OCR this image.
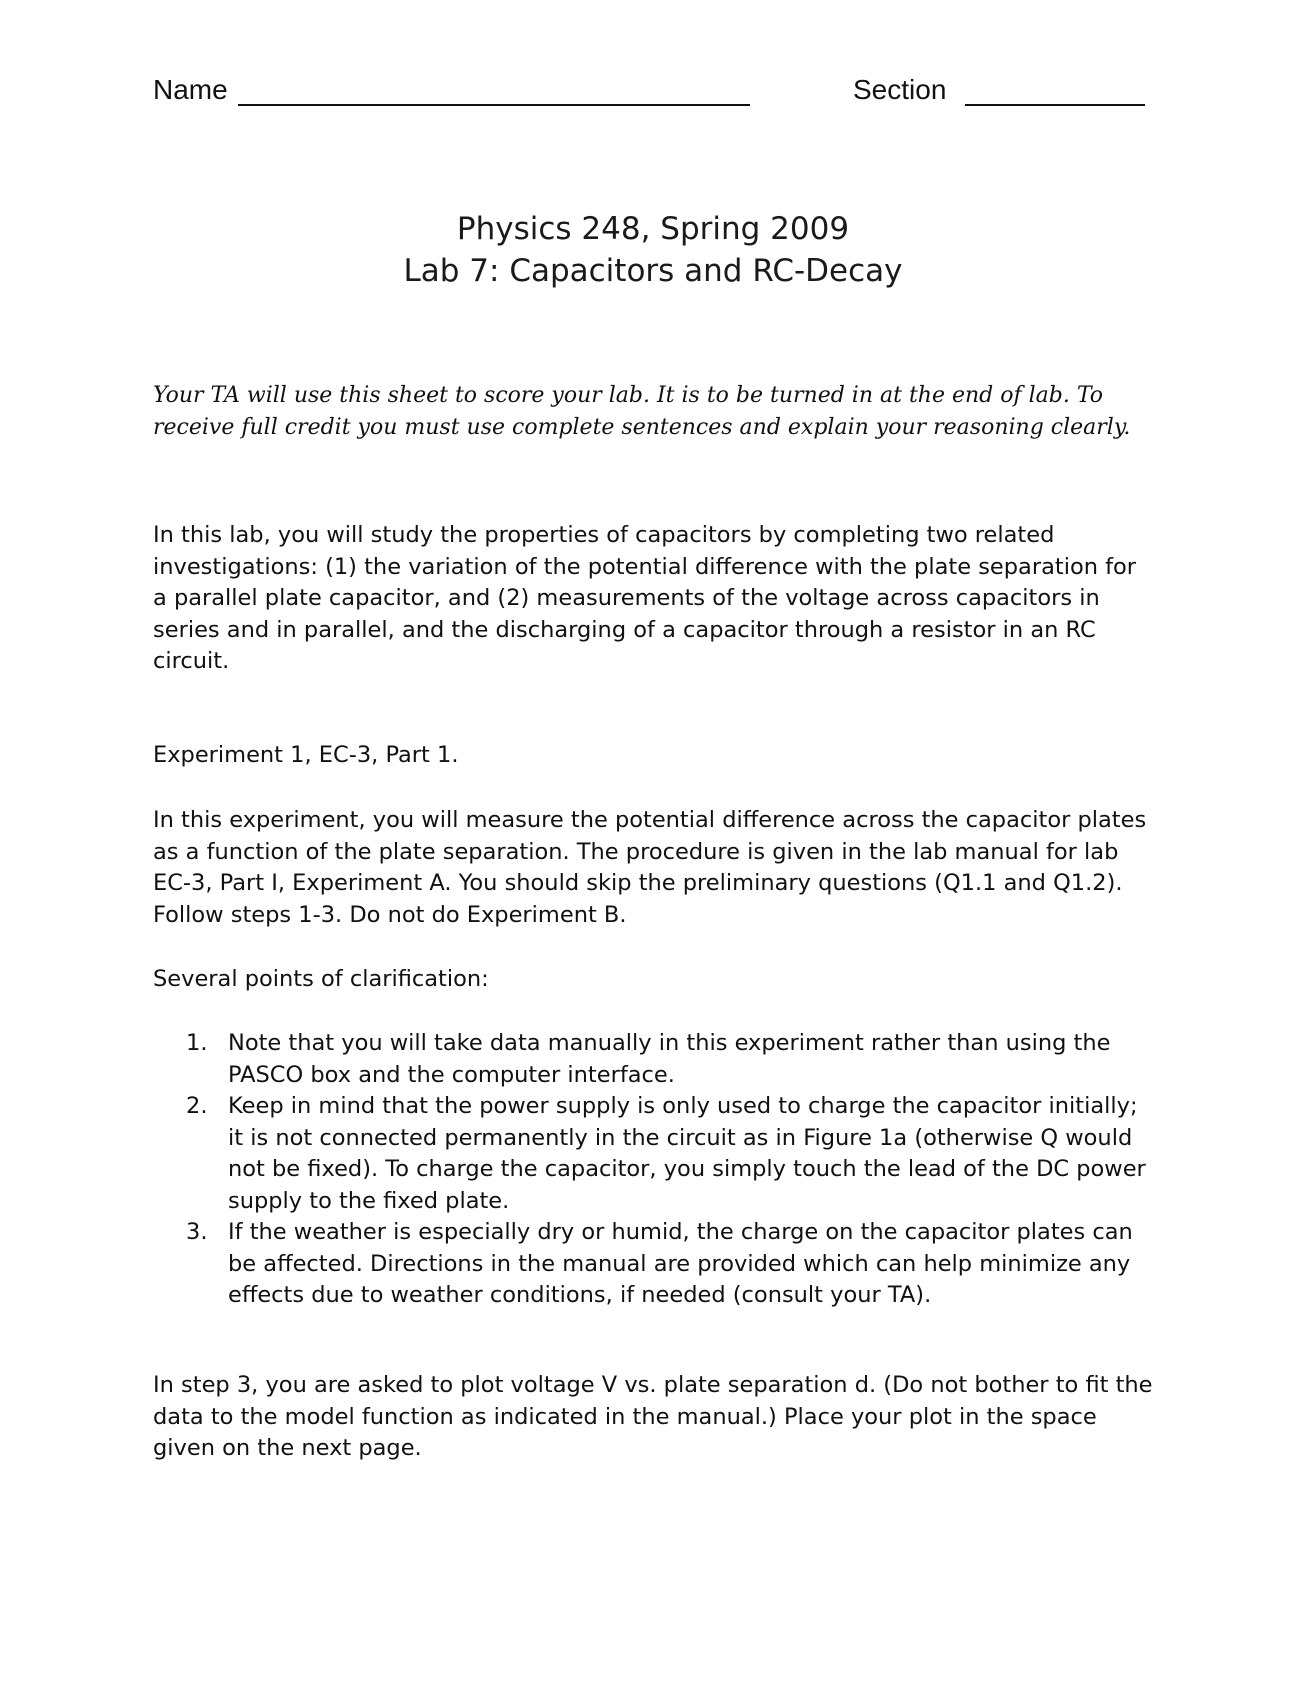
Name	Section
Physics 248, Spring 2009
Lab 7: Capacitors and RC-Decay

Your TA will use this sheet to score your lab. It is to be turned in at the end of lab. To receive full credit you must use complete sentences and explain your reasoning clearly.

In this lab, you will study the properties of capacitors by completing two related investigations: (1) the variation of the potential difference with the plate separation for a parallel plate capacitor, and (2) measurements of the voltage across capacitors in series and in parallel, and the discharging of a capacitor through a resistor in an RC circuit.

Experiment 1, EC-3, Part 1.

In this experiment, you will measure the potential difference across the capacitor plates as a function of the plate separation. The procedure is given in the lab manual for lab EC-3, Part I, Experiment A. You should skip the preliminary questions (Q1.1 and Q1.2). Follow steps 1-3. Do not do Experiment B.

Several points of clarification:

1. Note that you will take data manually in this experiment rather than using the PASCO box and the computer interface.
2. Keep in mind that the power supply is only used to charge the capacitor initially; it is not connected permanently in the circuit as in Figure 1a (otherwise Q would not be fixed). To charge the capacitor, you simply touch the lead of the DC power supply to the fixed plate.
3. If the weather is especially dry or humid, the charge on the capacitor plates can be affected. Directions in the manual are provided which can help minimize any effects due to weather conditions, if needed (consult your TA).

In step 3, you are asked to plot voltage V vs. plate separation d. (Do not bother to fit the data to the model function as indicated in the manual.) Place your plot in the space given on the next page.
